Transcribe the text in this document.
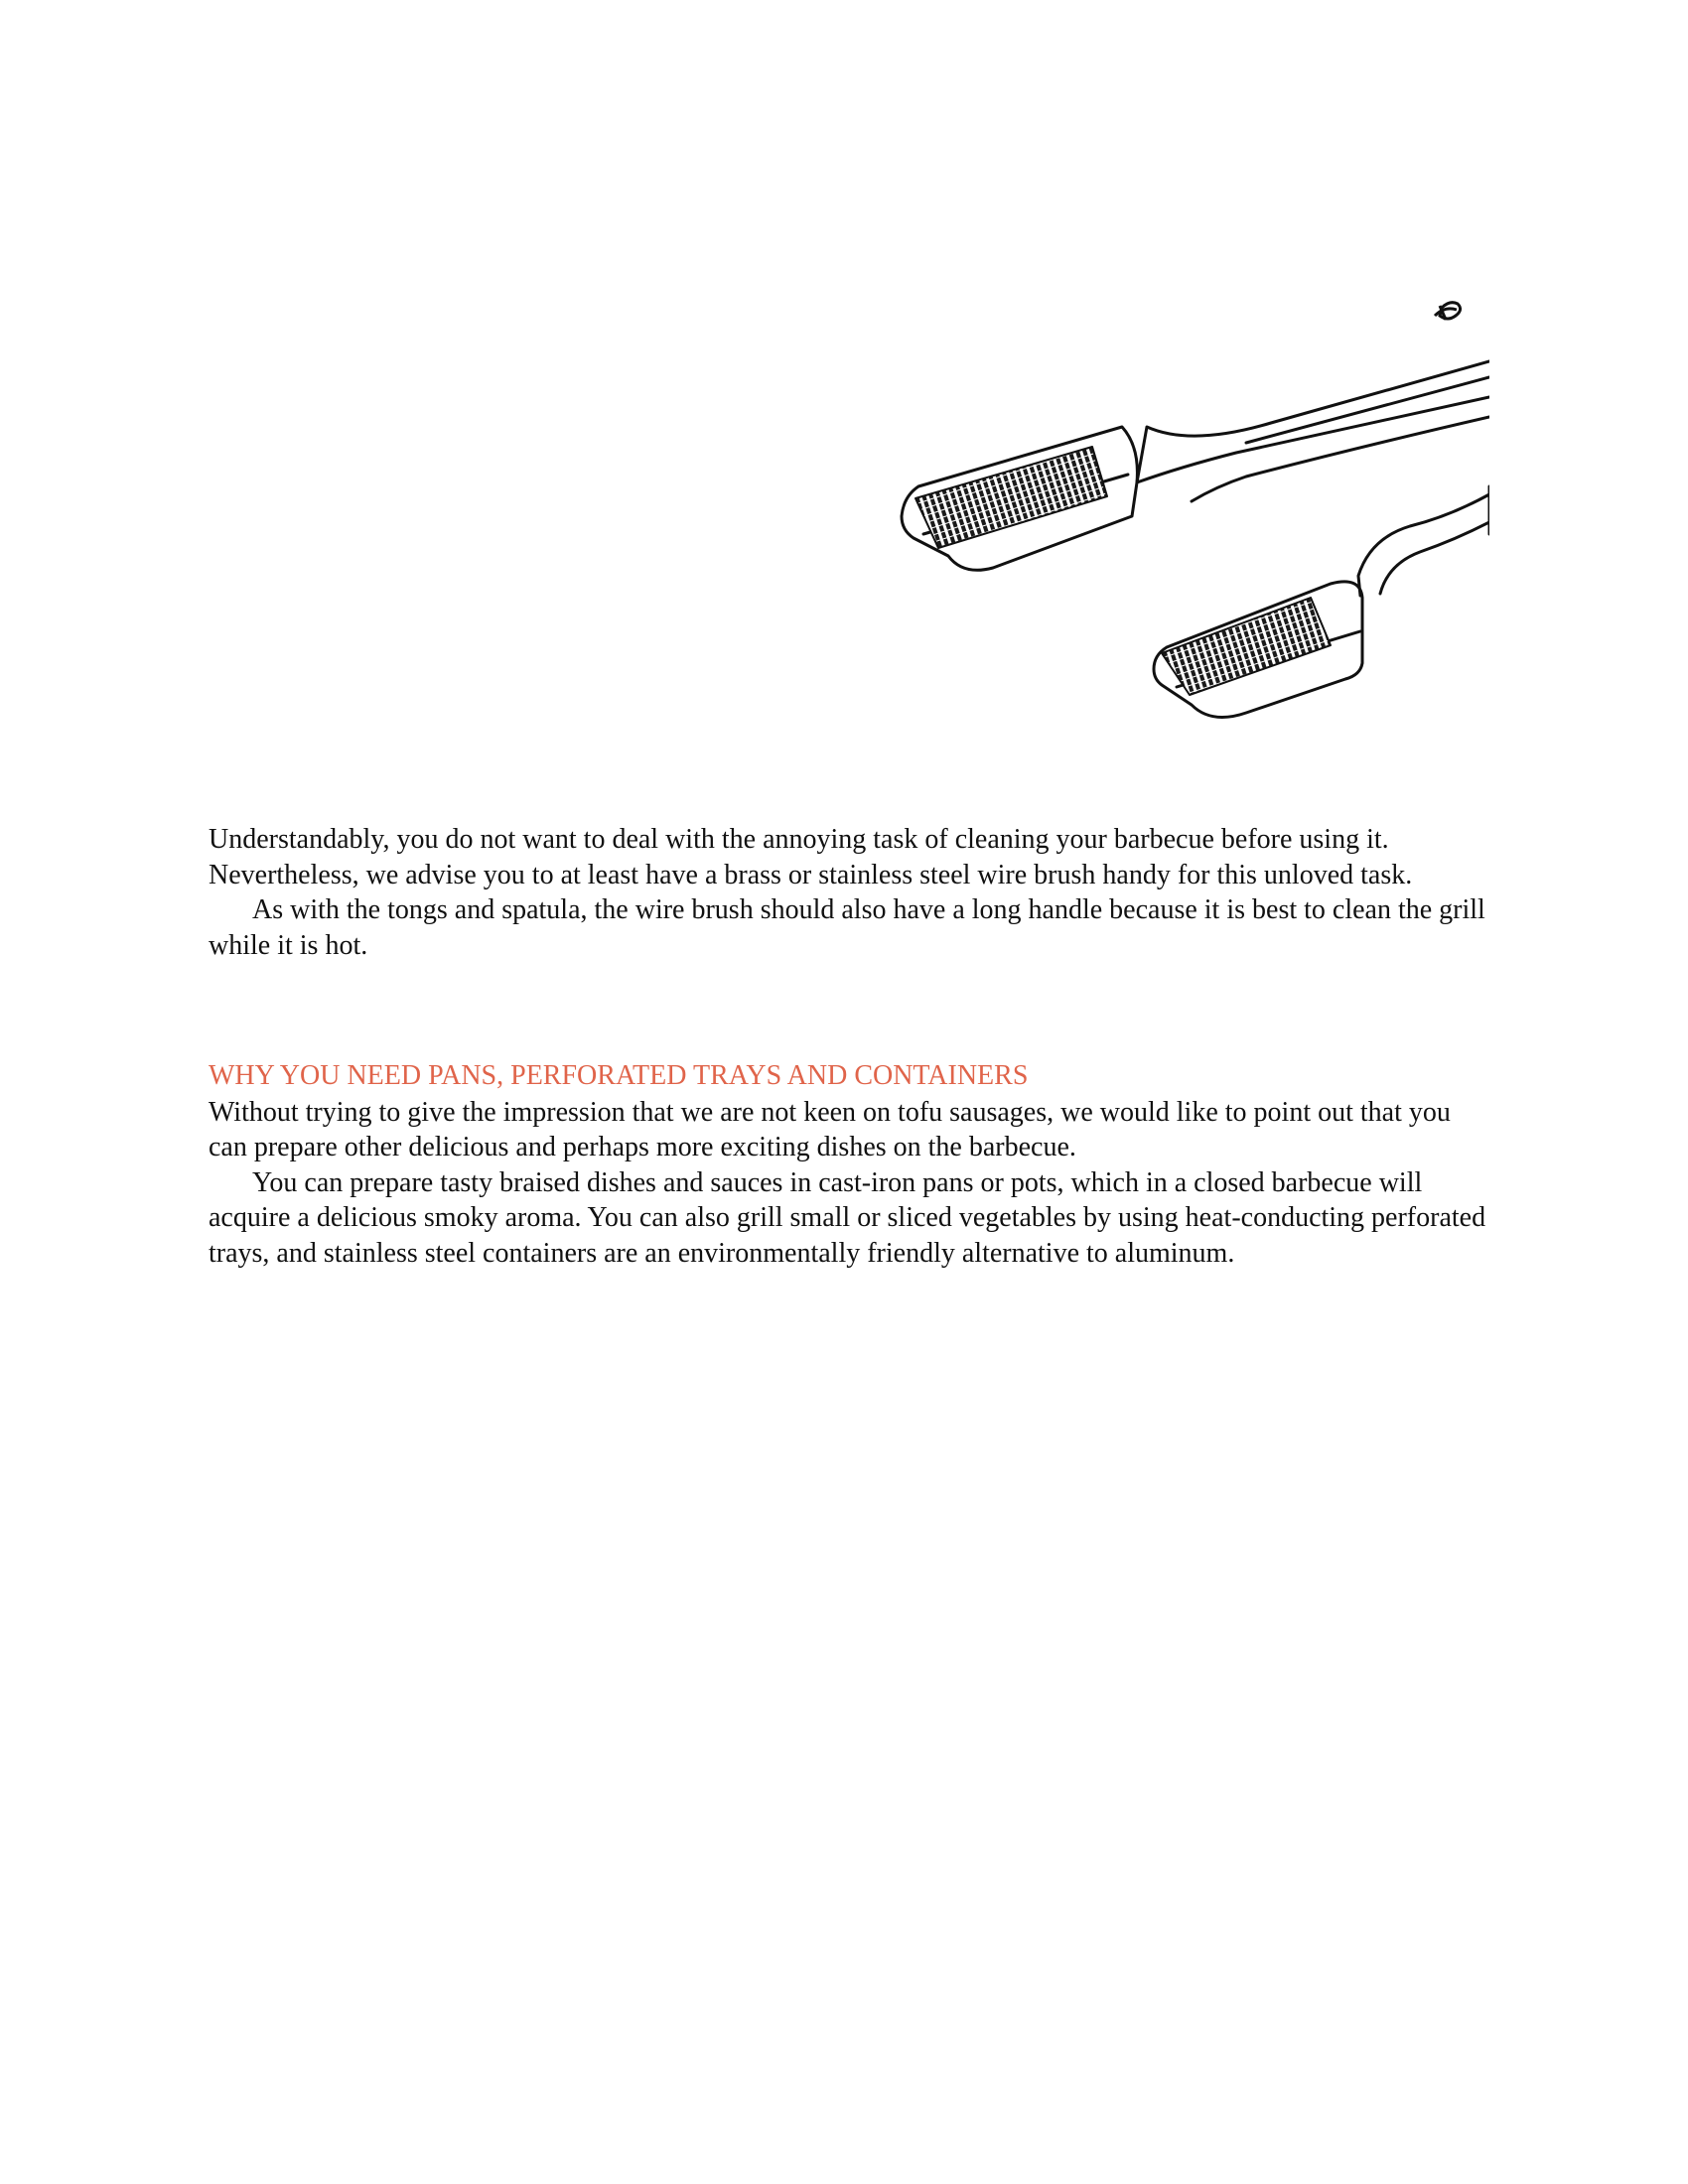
Understandably, you do not want to deal with the annoying task of cleaning your barbecue before using it. Nevertheless, we advise you to at least have a brass or stainless steel wire brush handy for this unloved task.

As with the tongs and spatula, the wire brush should also have a long handle because it is best to clean the grill while it is hot.

WHY YOU NEED PANS, PERFORATED TRAYS AND CONTAINERS

Without trying to give the impression that we are not keen on tofu sausages, we would like to point out that you can prepare other delicious and perhaps more exciting dishes on the barbecue.

You can prepare tasty braised dishes and sauces in cast-iron pans or pots, which in a closed barbecue will acquire a delicious smoky aroma. You can also grill small or sliced vegetables by using heat-conducting perforated trays, and stainless steel containers are an environmentally friendly alternative to aluminum.
